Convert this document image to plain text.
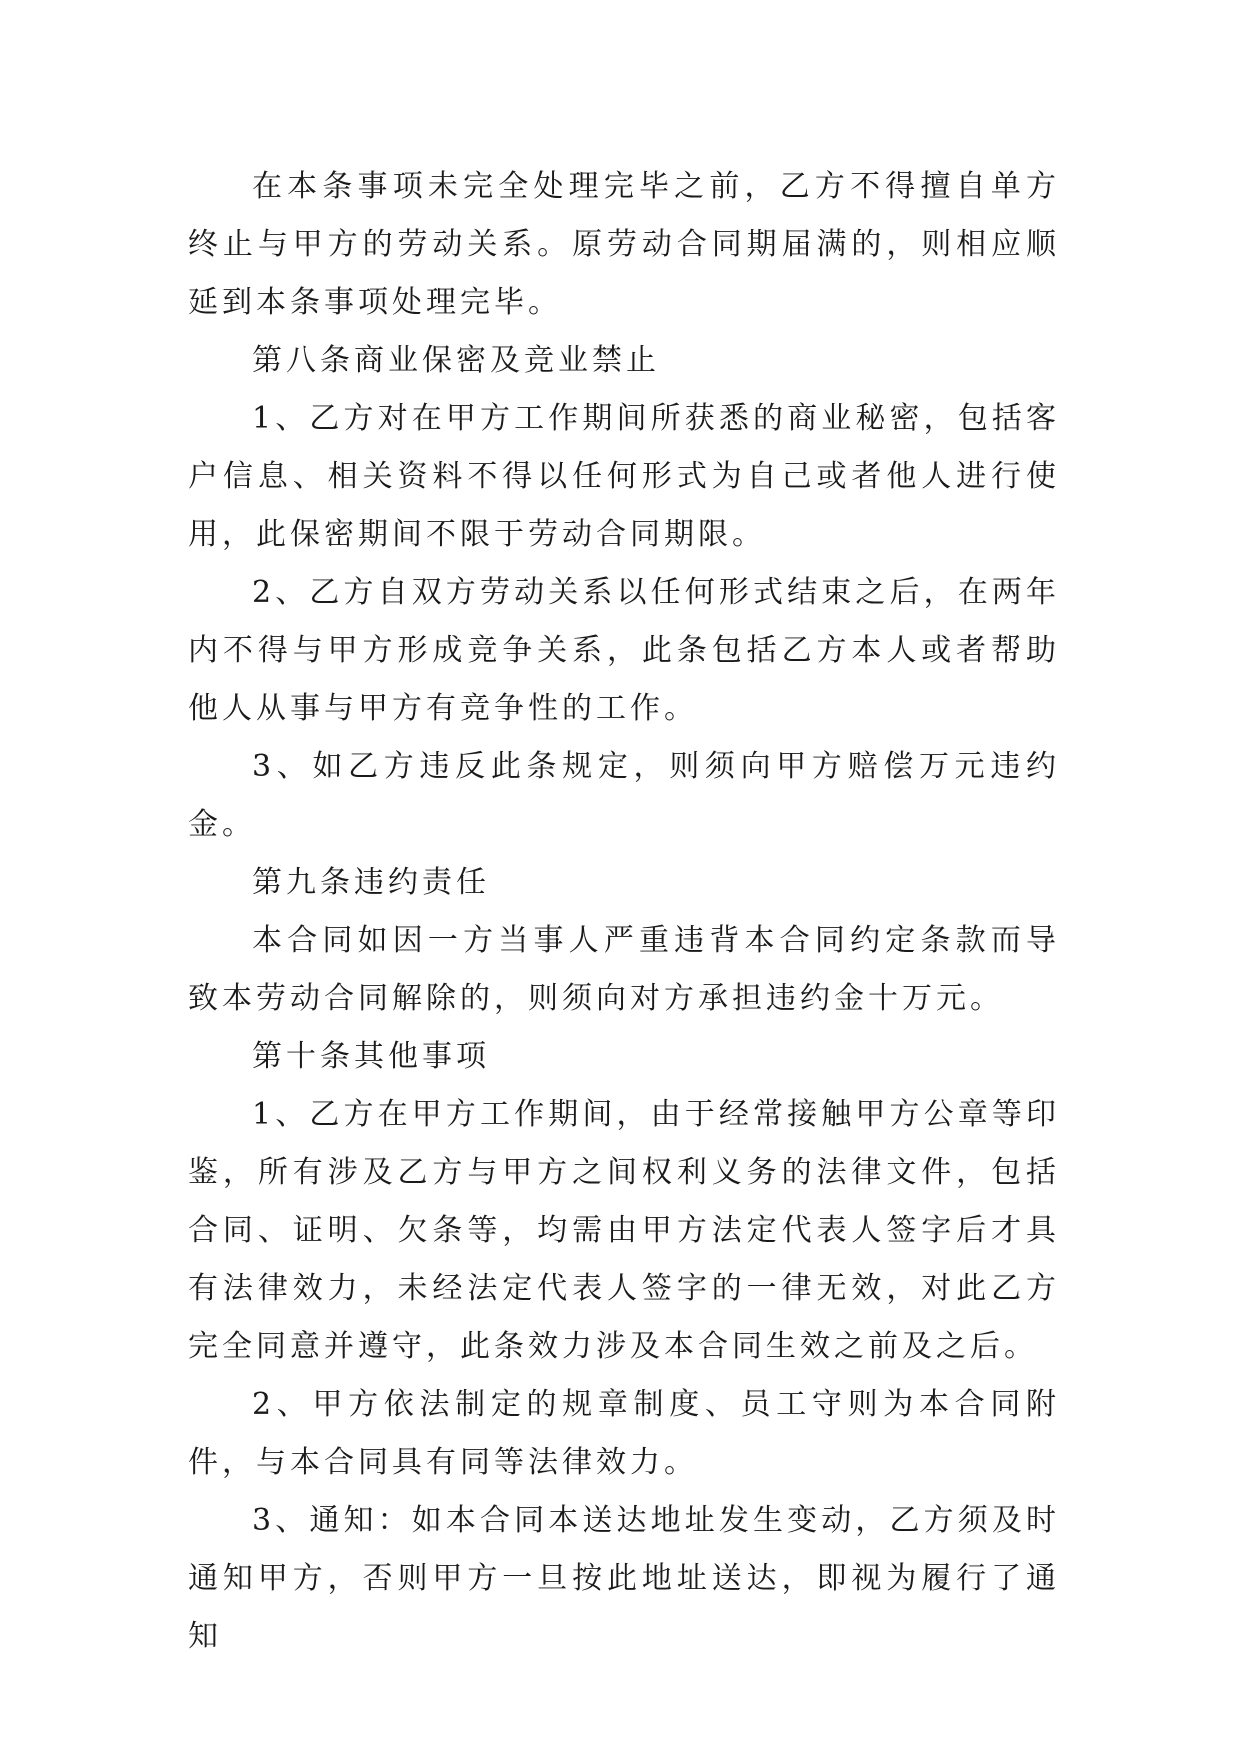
在本条事项未完全处理完毕之前，乙方不得擅自单方终止与甲方的劳动关系。原劳动合同期届满的，则相应顺延到本条事项处理完毕。

第八条商业保密及竞业禁止

1、乙方对在甲方工作期间所获悉的商业秘密，包括客户信息、相关资料不得以任何形式为自己或者他人进行使用，此保密期间不限于劳动合同期限。

2、乙方自双方劳动关系以任何形式结束之后，在两年内不得与甲方形成竞争关系，此条包括乙方本人或者帮助他人从事与甲方有竞争性的工作。

3、如乙方违反此条规定，则须向甲方赔偿万元违约金。

第九条违约责任

本合同如因一方当事人严重违背本合同约定条款而导致本劳动合同解除的，则须向对方承担违约金十万元。

第十条其他事项

1、乙方在甲方工作期间，由于经常接触甲方公章等印鉴，所有涉及乙方与甲方之间权利义务的法律文件，包括合同、证明、欠条等，均需由甲方法定代表人签字后才具有法律效力，未经法定代表人签字的一律无效，对此乙方完全同意并遵守，此条效力涉及本合同生效之前及之后。

2、甲方依法制定的规章制度、员工守则为本合同附件，与本合同具有同等法律效力。

3、通知：如本合同本送达地址发生变动，乙方须及时通知甲方，否则甲方一旦按此地址送达，即视为履行了通知
